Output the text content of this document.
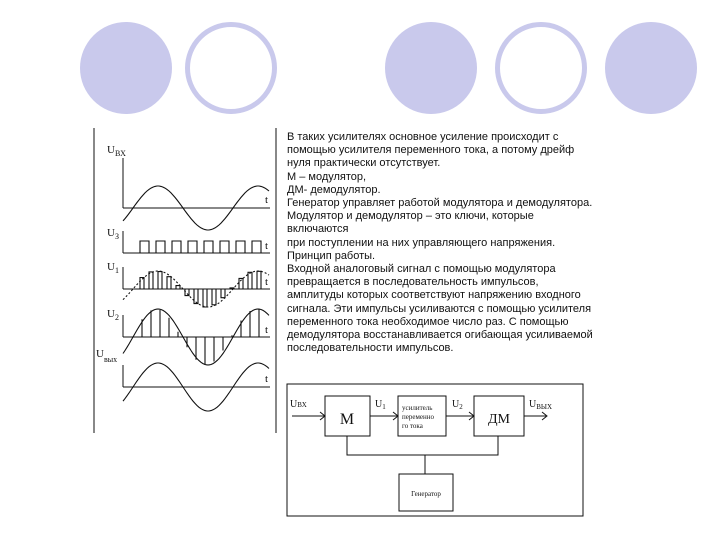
В таких усилителях основное усиление происходит с
помощью усилителя переменного тока, а потому дрейф
нуля практически отсутствует.
М – модулятор,
ДМ- демодулятор.
Генератор управляет работой модулятора и демодулятора.
Модулятор и демодулятор – это ключи, которые
включаются
при поступлении на них управляющего напряжения.
Принцип работы.
Входной аналоговый сигнал с помощью модулятора
превращается в последовательность импульсов,
амплитуды которых соответствуют напряжению входного
сигнала. Эти импульсы усиливаются с помощью усилителя
переменного тока необходимое число раз. С помощью
демодулятора восстанавливается огибающая усиливаемой
последовательности импульсов.
$U_{ВХ}$
$U_З$
$U_1$
$U_2$
$U_{вых}$
t
t
t
t
t
UВХ
М
$U_1$ усилитель переменно го тока
$U_2$
ДМ
$U_{ВЫХ}$
Генератор
